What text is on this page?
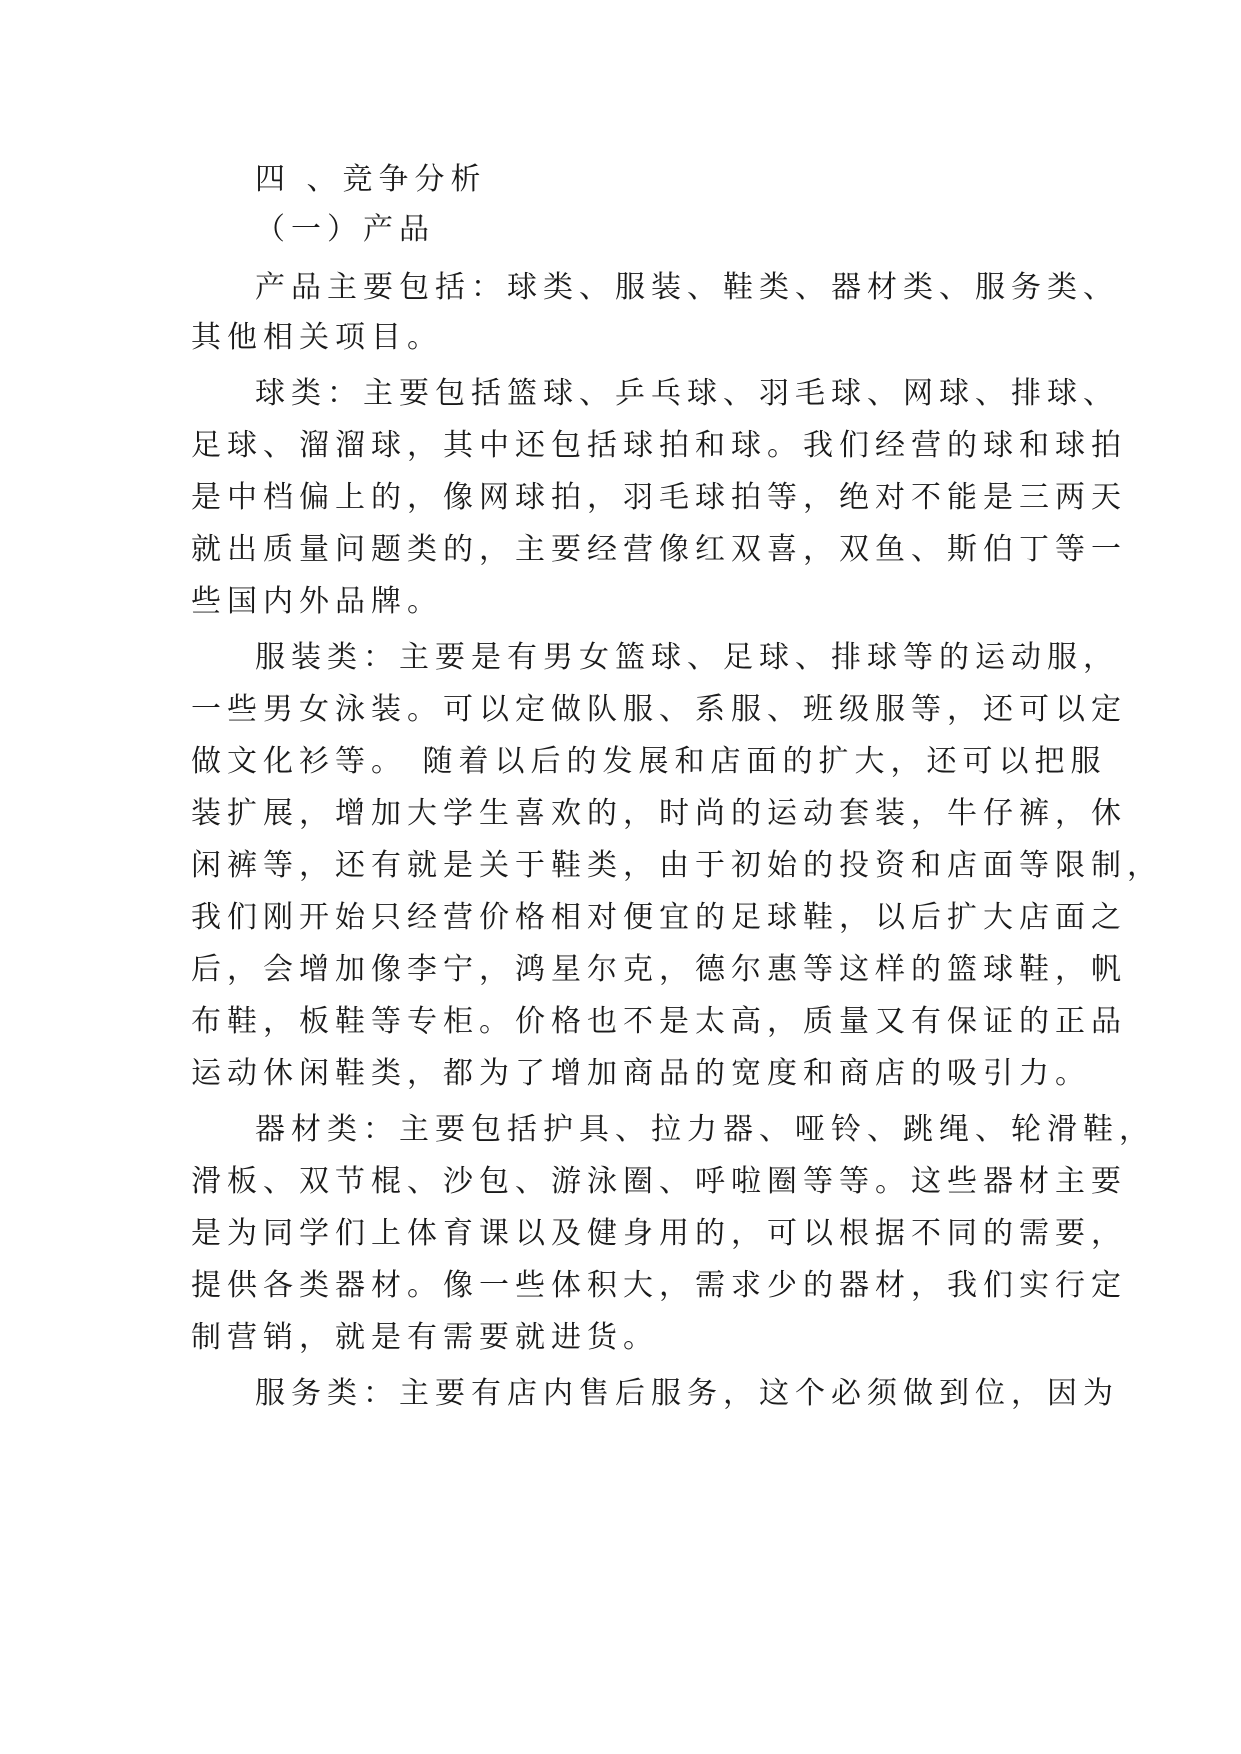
四 、竞争分析
（一）产品
产品主要包括：球类、服装、鞋类、器材类、服务类、
其他相关项目。
球类：主要包括篮球、乒乓球、羽毛球、网球、排球、
足球、溜溜球，其中还包括球拍和球。我们经营的球和球拍
是中档偏上的，像网球拍，羽毛球拍等，绝对不能是三两天
就出质量问题类的，主要经营像红双喜，双鱼、斯伯丁等一
些国内外品牌。
服装类：主要是有男女篮球、足球、排球等的运动服，
一些男女泳装。可以定做队服、系服、班级服等，还可以定
做文化衫等。 随着以后的发展和店面的扩大，还可以把服
装扩展，增加大学生喜欢的，时尚的运动套装，牛仔裤，休
闲裤等，还有就是关于鞋类，由于初始的投资和店面等限制，
我们刚开始只经营价格相对便宜的足球鞋，以后扩大店面之
后，会增加像李宁，鸿星尔克，德尔惠等这样的篮球鞋，帆
布鞋，板鞋等专柜。价格也不是太高，质量又有保证的正品
运动休闲鞋类，都为了增加商品的宽度和商店的吸引力。
器材类：主要包括护具、拉力器、哑铃、跳绳、轮滑鞋，
滑板、双节棍、沙包、游泳圈、呼啦圈等等。这些器材主要
是为同学们上体育课以及健身用的，可以根据不同的需要，
提供各类器材。像一些体积大，需求少的器材，我们实行定
制营销，就是有需要就进货。
服务类：主要有店内售后服务，这个必须做到位，因为
